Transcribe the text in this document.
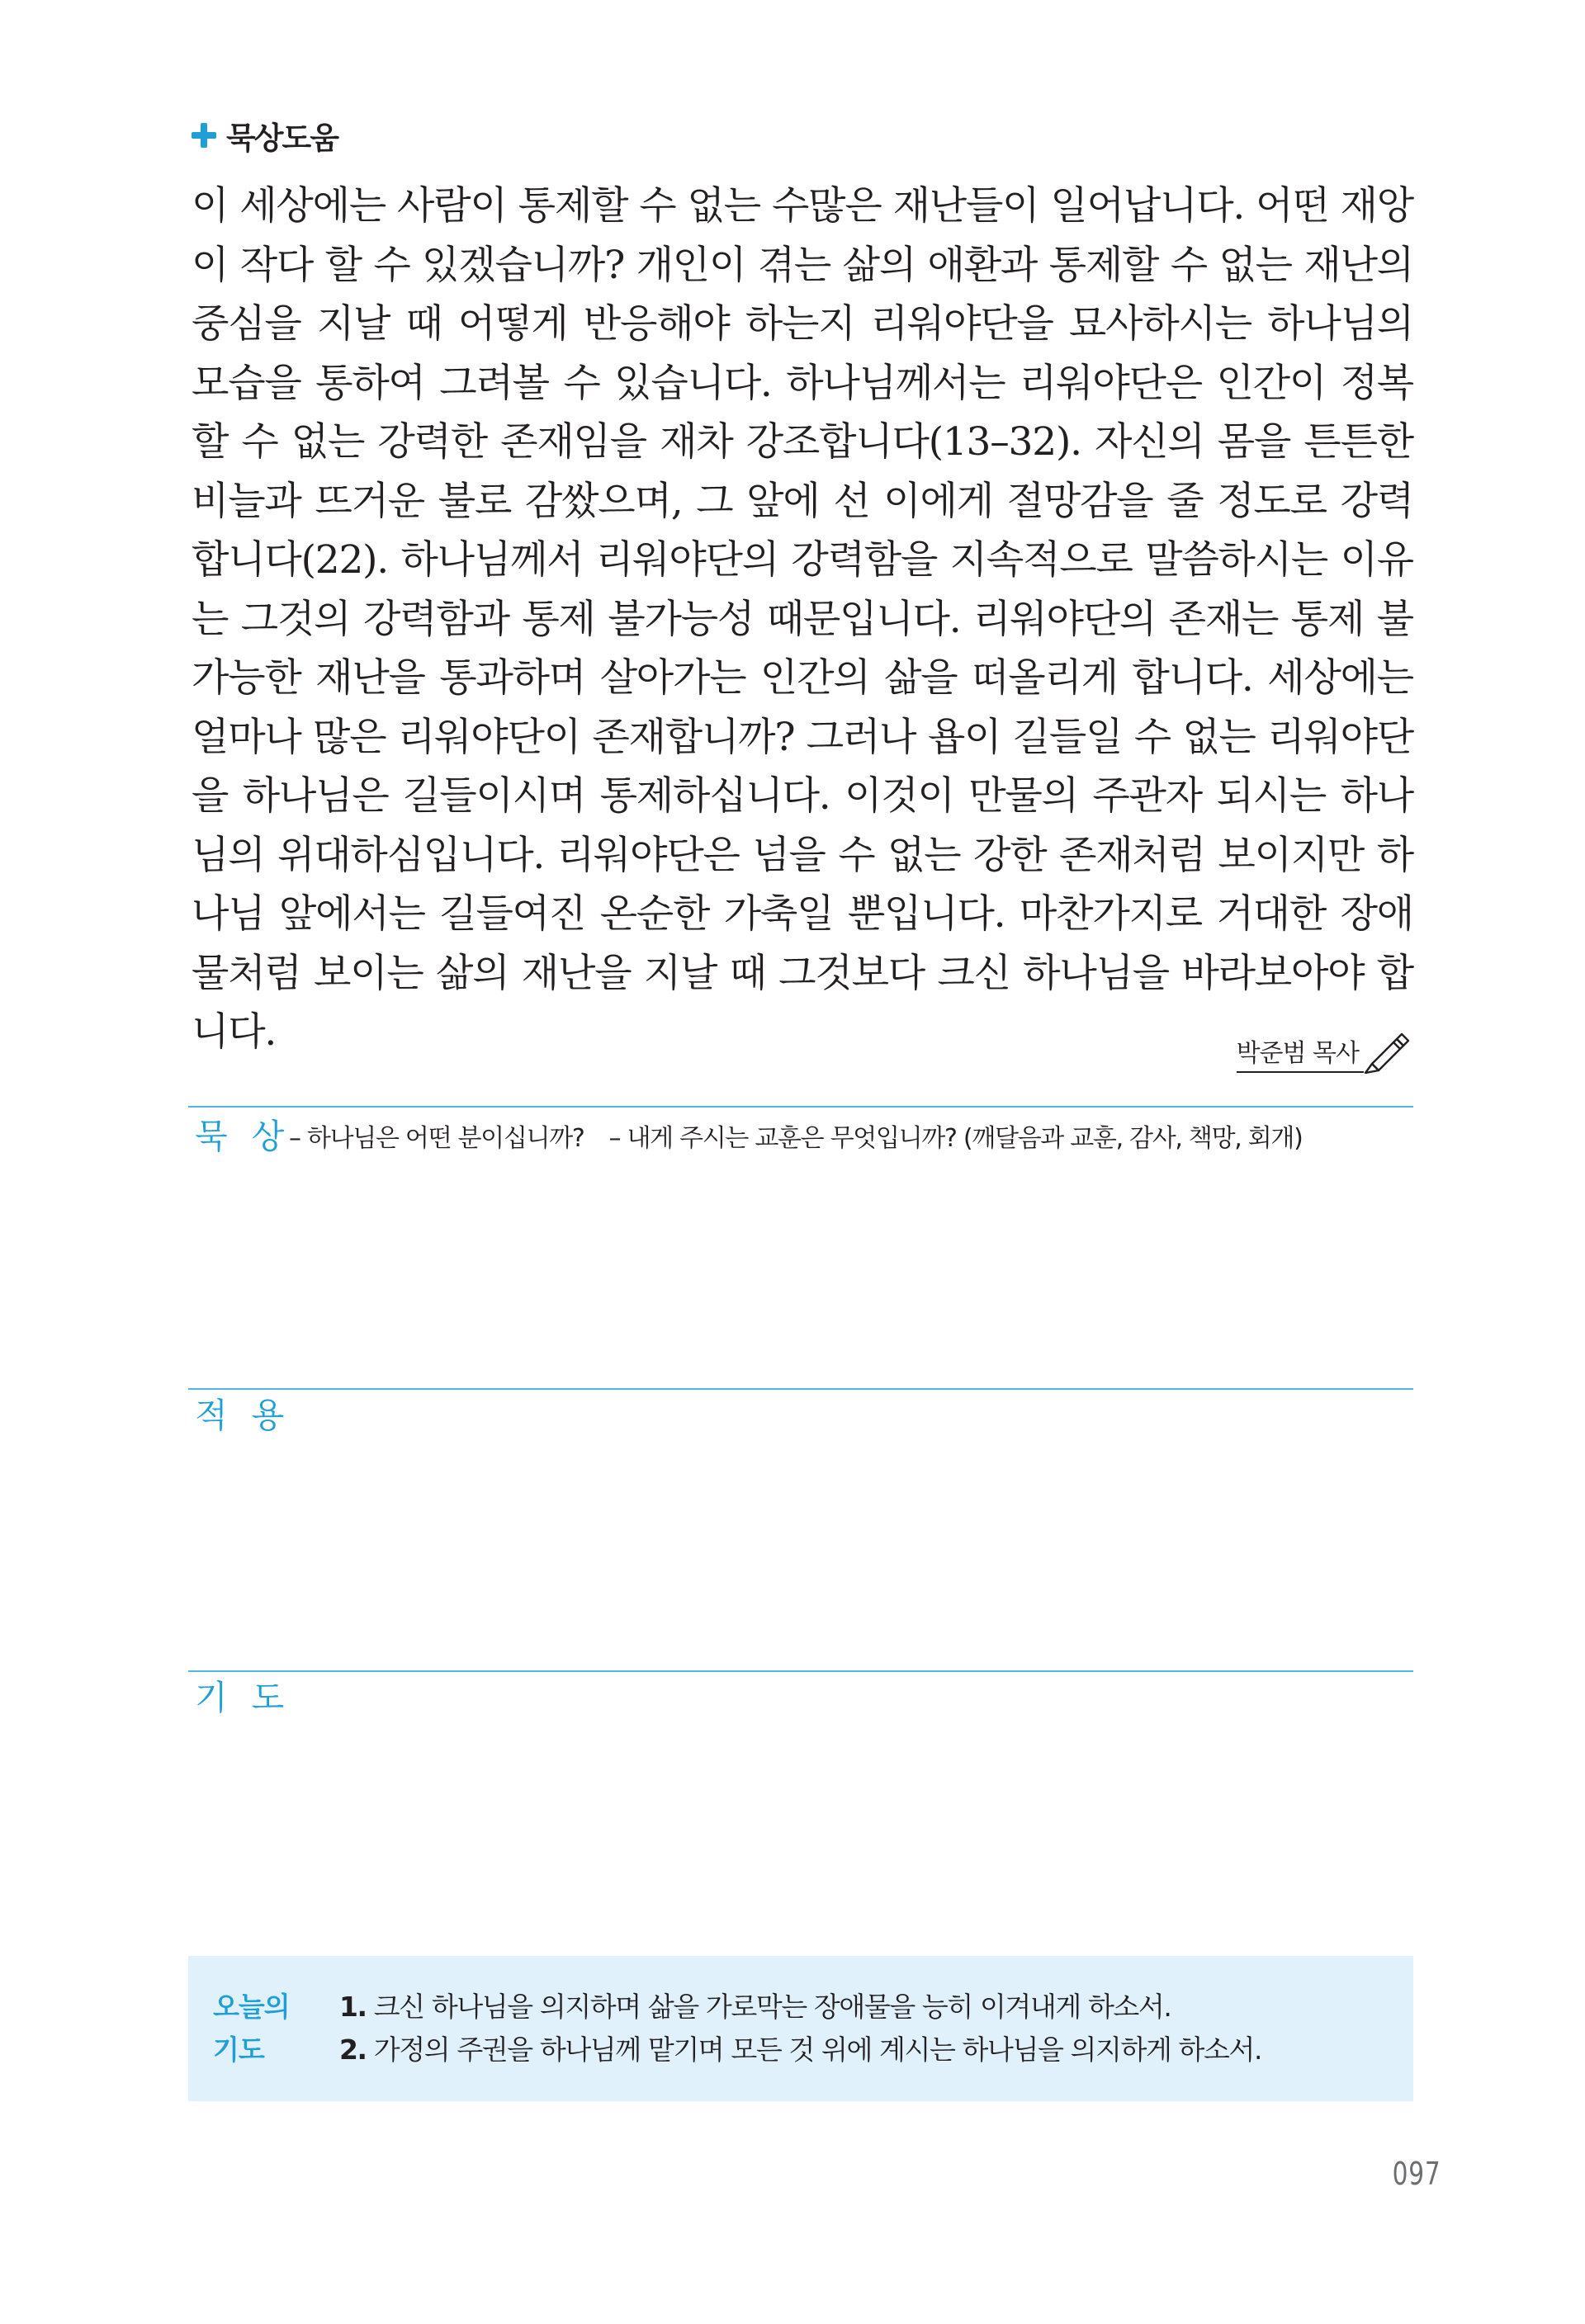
묵상도움

이 세상에는 사람이 통제할 수 없는 수많은 재난들이 일어납니다. 어떤 재앙이 작다 할 수 있겠습니까? 개인이 겪는 삶의 애환과 통제할 수 없는 재난의 중심을 지날 때 어떻게 반응해야 하는지 리워야단을 묘사하시는 하나님의 모습을 통하여 그려볼 수 있습니다. 하나님께서는 리워야단은 인간이 정복할 수 없는 강력한 존재임을 재차 강조합니다(13–32). 자신의 몸을 튼튼한 비늘과 뜨거운 불로 감쌌으며, 그 앞에 선 이에게 절망감을 줄 정도로 강력합니다(22). 하나님께서 리워야단의 강력함을 지속적으로 말씀하시는 이유는 그것의 강력함과 통제 불가능성 때문입니다. 리워야단의 존재는 통제 불가능한 재난을 통과하며 살아가는 인간의 삶을 떠올리게 합니다. 세상에는 얼마나 많은 리워야단이 존재합니까? 그러나 욥이 길들일 수 없는 리워야단을 하나님은 길들이시며 통제하십니다. 이것이 만물의 주관자 되시는 하나님의 위대하심입니다. 리워야단은 넘을 수 없는 강한 존재처럼 보이지만 하나님 앞에서는 길들여진 온순한 가축일 뿐입니다. 마찬가지로 거대한 장애물처럼 보이는 삶의 재난을 지날 때 그것보다 크신 하나님을 바라보아야 합니다.	박준범 목사
묵 상
– 하나님은 어떤 분이십니까? – 내게 주시는 교훈은 무엇입니까? (깨달음과 교훈, 감사, 책망, 회개)
적 용
기 도
오늘의
기도
1. 크신 하나님을 의지하며 삶을 가로막는 장애물을 능히 이겨내게 하소서.
2. 가정의 주권을 하나님께 맡기며 모든 것 위에 계시는 하나님을 의지하게 하소서.
097
